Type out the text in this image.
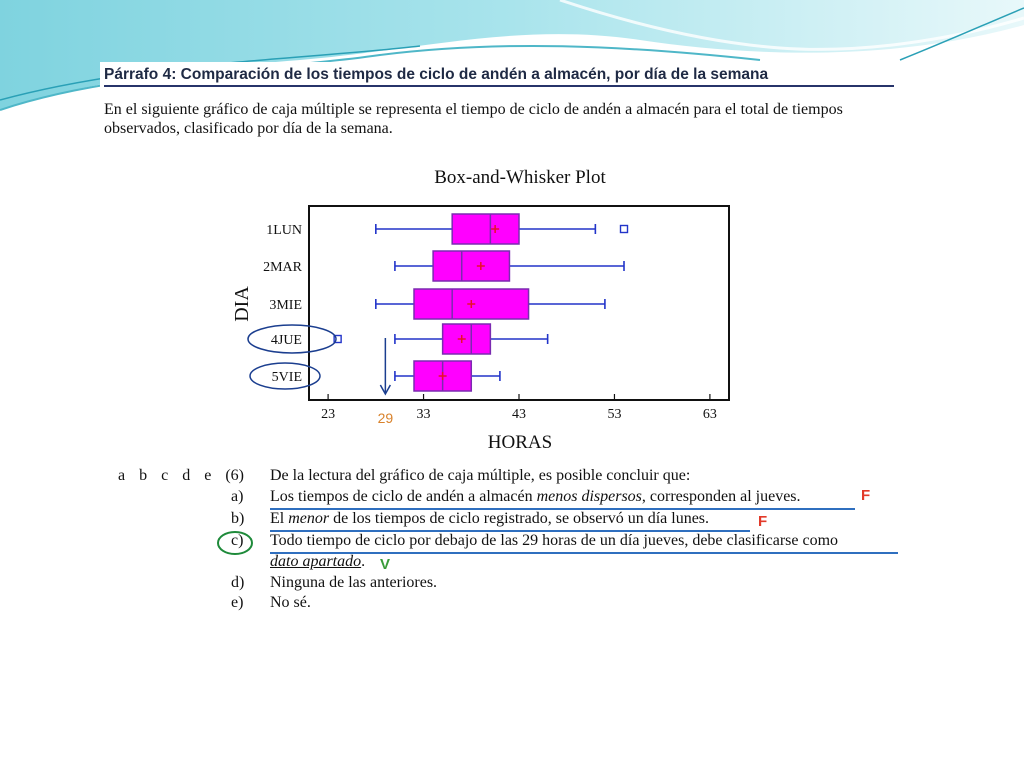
Párrafo 4: Comparación de los tiempos de ciclo de andén a almacén, por día de la semana
En el siguiente gráfico de caja múltiple se representa el tiempo de ciclo de andén a almacén para el total de tiempos observados, clasificado por día de la semana.
Box-and-Whisker Plot
1LUN
2MAR
3MIE
4JUE
5VIE
23	33	43	53	63
HORAS
DIA
29
a b c d e (6) De la lectura del gráfico de caja múltiple, es posible concluir que:
a) Los tiempos de ciclo de andén a almacén menos dispersos, corresponden al jueves.	F
b) El menor de los tiempos de ciclo registrado, se observó un día lunes.	F
c) Todo tiempo de ciclo por debajo de las 29 horas de un día jueves, debe clasificarse como
dato apartado. V
d) Ninguna de las anteriores.
e) No sé.
